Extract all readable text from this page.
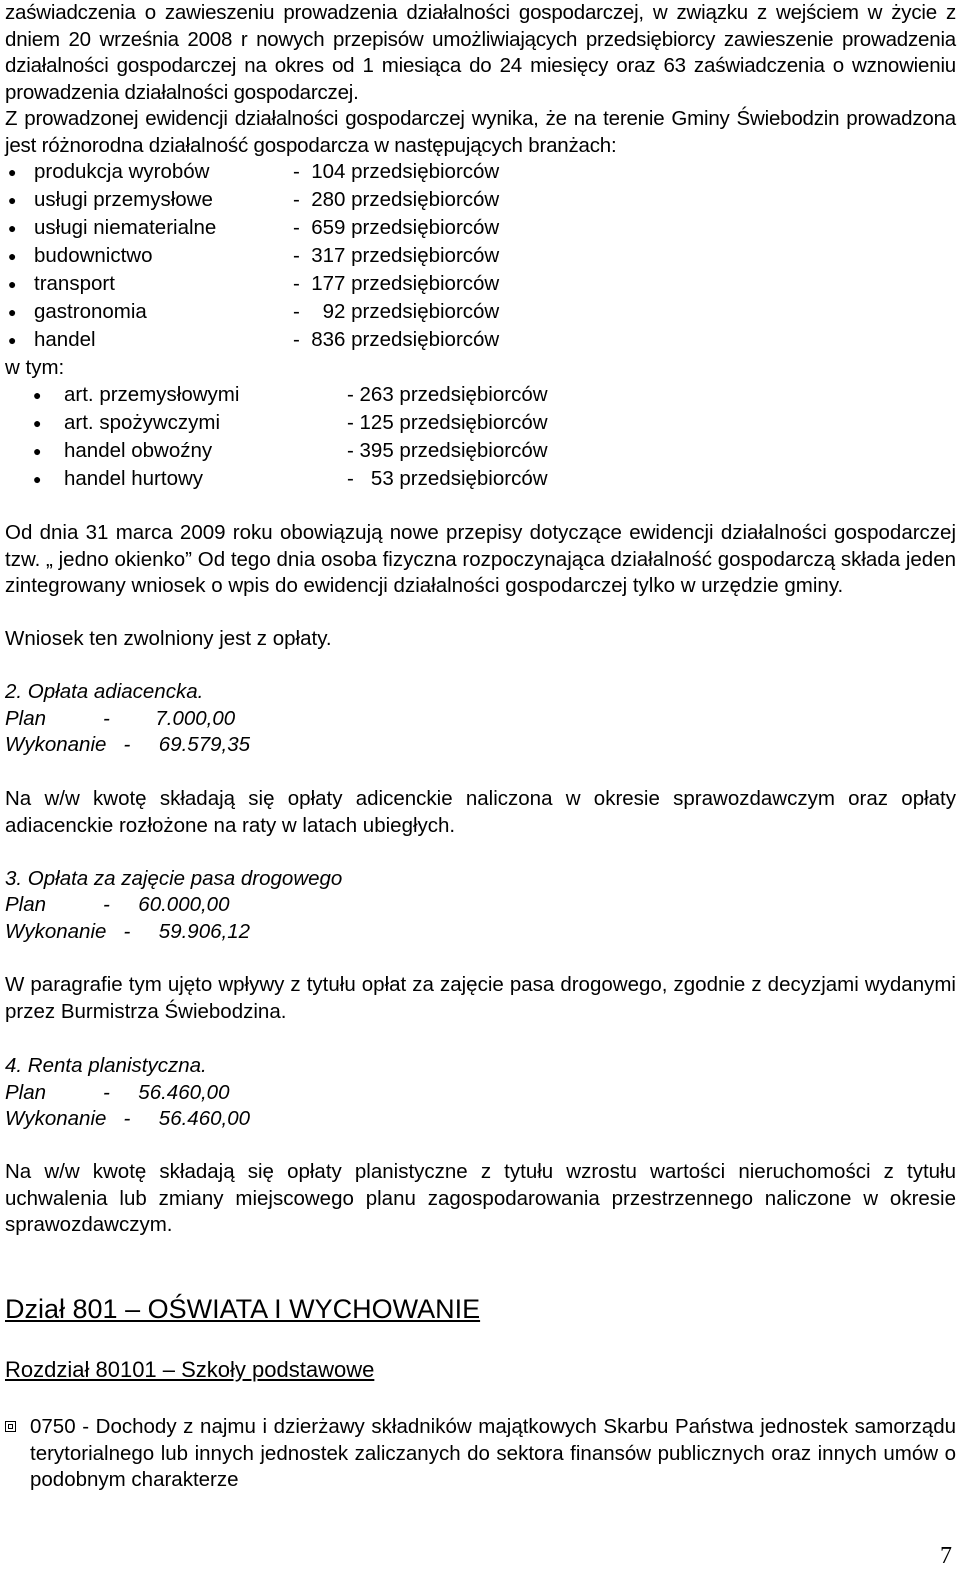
zaświadczenia o zawieszeniu prowadzenia działalności gospodarczej, w związku z wejściem w życie z dniem 20 września 2008 r nowych przepisów umożliwiających przedsiębiorcy zawieszenie prowadzenia działalności gospodarczej na okres od 1 miesiąca do 24 miesięcy oraz 63 zaświadczenia o wznowieniu prowadzenia działalności gospodarczej.

Z prowadzonej ewidencji działalności gospodarczej wynika, że na terenie Gminy Świebodzin prowadzona jest różnorodna działalność gospodarcza w następujących branżach:

● produkcja wyrobów	-  104 przedsiębiorców
● usługi przemysłowe	-  280 przedsiębiorców
● usługi niematerialne	-  659 przedsiębiorców
● budownictwo	-  317 przedsiębiorców
● transport	-  177 przedsiębiorców
● gastronomia	-    92 przedsiębiorców
● handel	-  836 przedsiębiorców

w tym:

● art. przemysłowymi	- 263 przedsiębiorców
● art. spożywczymi	- 125 przedsiębiorców
● handel obwoźny	- 395 przedsiębiorców
● handel hurtowy	-   53 przedsiębiorców

Od dnia 31 marca 2009 roku obowiązują nowe przepisy dotyczące ewidencji działalności gospodarczej tzw. „ jedno okienko” Od tego dnia osoba fizyczna rozpoczynająca działalność gospodarczą składa jeden zintegrowany wniosek o wpis do ewidencji działalności gospodarczej tylko w urzędzie gminy.

Wniosek ten zwolniony jest z opłaty.

2. Opłata adiacencka.

Plan          -        7.000,00

Wykonanie   -     69.579,35

Na w/w kwotę składają się opłaty adicenckie naliczona w okresie sprawozdawczym oraz opłaty adiacenckie rozłożone na raty w latach ubiegłych.

3. Opłata za zajęcie pasa drogowego

Plan          -     60.000,00

Wykonanie   -     59.906,12

W paragrafie tym ujęto wpływy z tytułu opłat za zajęcie pasa drogowego, zgodnie z decyzjami wydanymi przez Burmistrza Świebodzina.

4. Renta planistyczna.

Plan          -     56.460,00

Wykonanie   -     56.460,00

Na w/w kwotę składają się opłaty planistyczne z tytułu wzrostu wartości nieruchomości z tytułu uchwalenia lub zmiany miejscowego planu zagospodarowania przestrzennego naliczone w okresie sprawozdawczym.

Dział 801 – OŚWIATA I WYCHOWANIE

Rozdział 80101 – Szkoły podstawowe

0750 - Dochody z najmu i dzierżawy składników majątkowych Skarbu Państwa jednostek samorządu terytorialnego lub innych jednostek zaliczanych do sektora finansów publicznych oraz innych umów o podobnym charakterze
7
